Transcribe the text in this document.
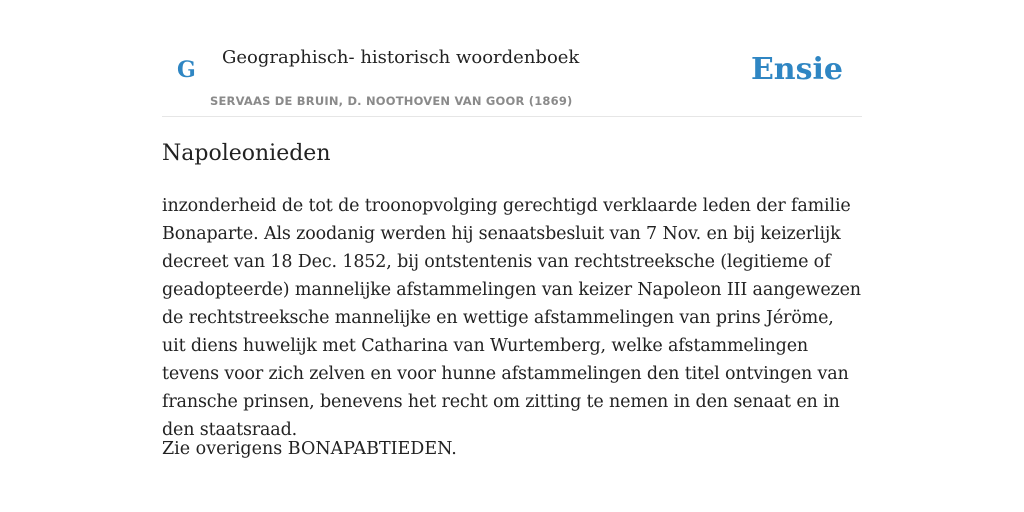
G Geographisch- historisch woordenboek
SERVAAS DE BRUIN, D. NOOTHOVEN VAN GOOR (1869)
Ensie
Napoleonieden

inzonderheid de tot de troonopvolging gerechtigd verklaarde leden der familie Bonaparte. Als zoodanig werden hij senaatsbesluit van 7 Nov. en bij keizerlijk decreet van 18 Dec. 1852, bij ontstentenis van rechtstreeksche (legitieme of geadopteerde) mannelijke afstammelingen van keizer Napoleon III aangewezen de rechtstreeksche mannelijke en wettige afstammelingen van prins Jéröme, uit diens huwelijk met Catharina van Wurtemberg, welke afstammelingen tevens voor zich zelven en voor hunne afstammelingen den titel ontvingen van fransche prinsen, benevens het recht om zitting te nemen in den senaat en in den staatsraad.

Zie overigens BONAPABTIEDEN.
